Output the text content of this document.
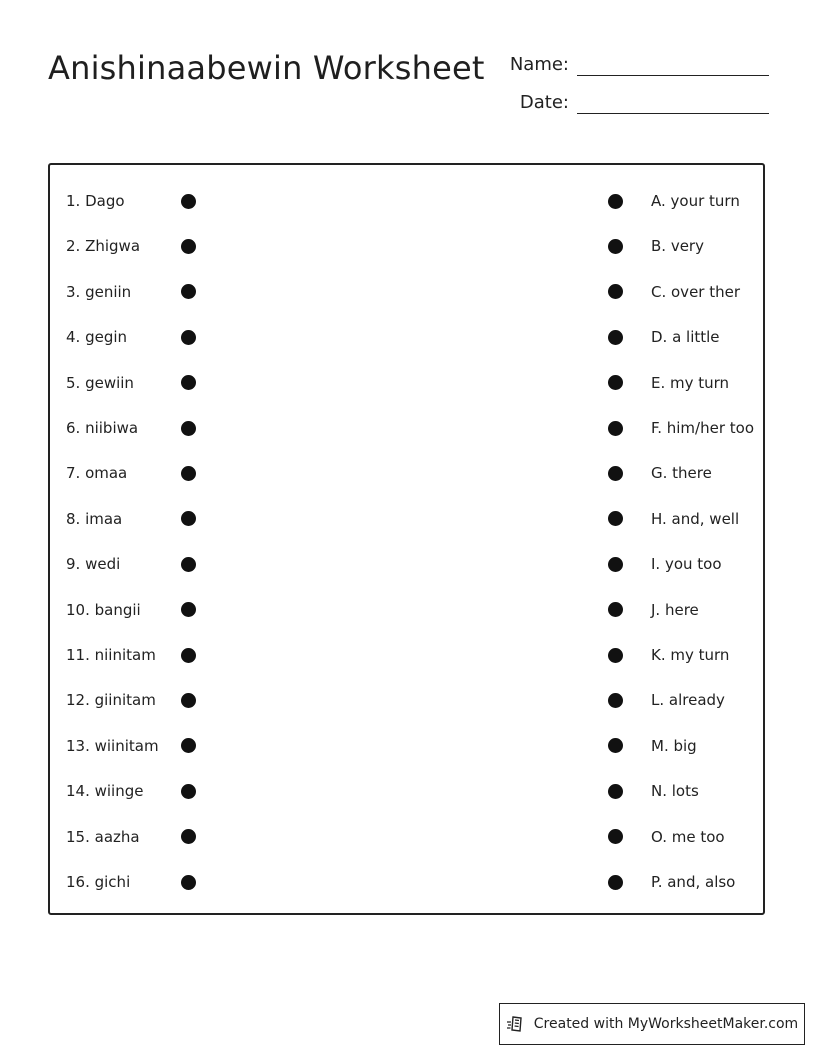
Anishinaabewin Worksheet	Name:
Date:
1. Dago	A. your turn
2. Zhigwa	B. very
3. geniin	C. over ther
4. gegin	D. a little
5. gewiin	E. my turn
6. niibiwa	F. him/her too
7. omaa	G. there
8. imaa	H. and, well
9. wedi	I. you too
10. bangii	J. here
11. niinitam	K. my turn
12. giinitam	L. already
13. wiinitam	M. big
14. wiinge	N. lots
15. aazha	O. me too
16. gichi	P. and, also
Created with MyWorksheetMaker.com
